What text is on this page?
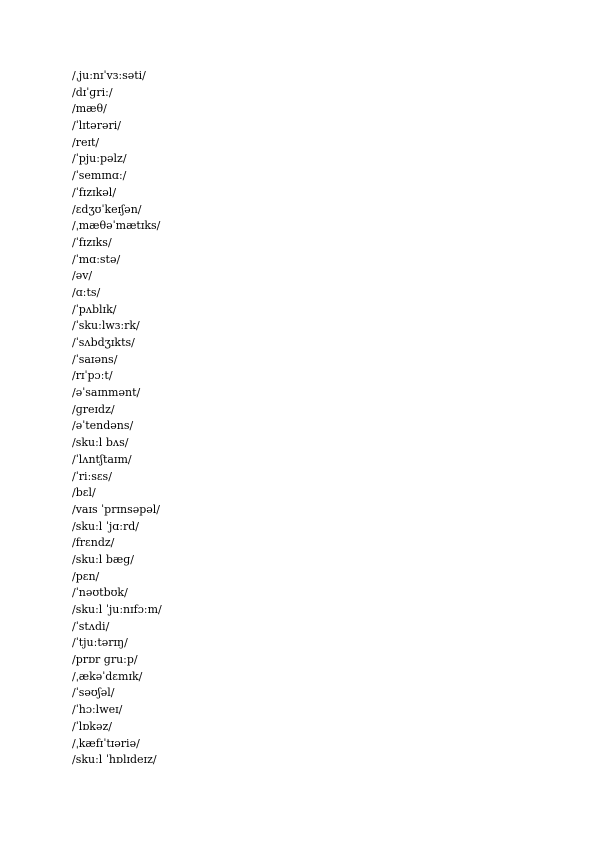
/ˌjuːnɪˈvɜːsəti/
/dɪˈɡriː/
/mæθ/
/ˈlɪtərəri/
/reɪt/
/ˈpjuːpəlz/
/ˈsemɪnɑː/
/ˈfɪzɪkəl/
/ɛdʒʊˈkeɪʃən/
/ˌmæθəˈmætɪks/
/ˈfɪzɪks/
/ˈmɑːstə/
/əv/
/ɑːts/
/ˈpʌblɪk/
/ˈskuːlwɜːrk/
/ˈsʌbdʒɪkts/
/ˈsaɪəns/
/rɪˈpɔːt/
/əˈsaɪnmənt/
/ɡreɪdz/
/əˈtendəns/
/skuːl bʌs/
/ˈlʌntʃtaɪm/
/ˈriːsɛs/
/bɛl/
/vaɪs ˈprɪnsəpəl/
/skuːl ˈjɑːrd/
/frɛndz/
/skuːl bæɡ/
/pɛn/
/ˈnəʊtbʊk/
/skuːl ˈjuːnɪfɔːm/
/ˈstʌdi/
/ˈtjuːtərɪŋ/
/prɒr ɡruːp/
/ˌækəˈdɛmɪk/
/ˈsəʊʃəl/
/ˈhɔːlweɪ/
/ˈlɒkəz/
/ˌkæfɪˈtɪəriə/
/skuːl ˈhɒlɪdeɪz/
